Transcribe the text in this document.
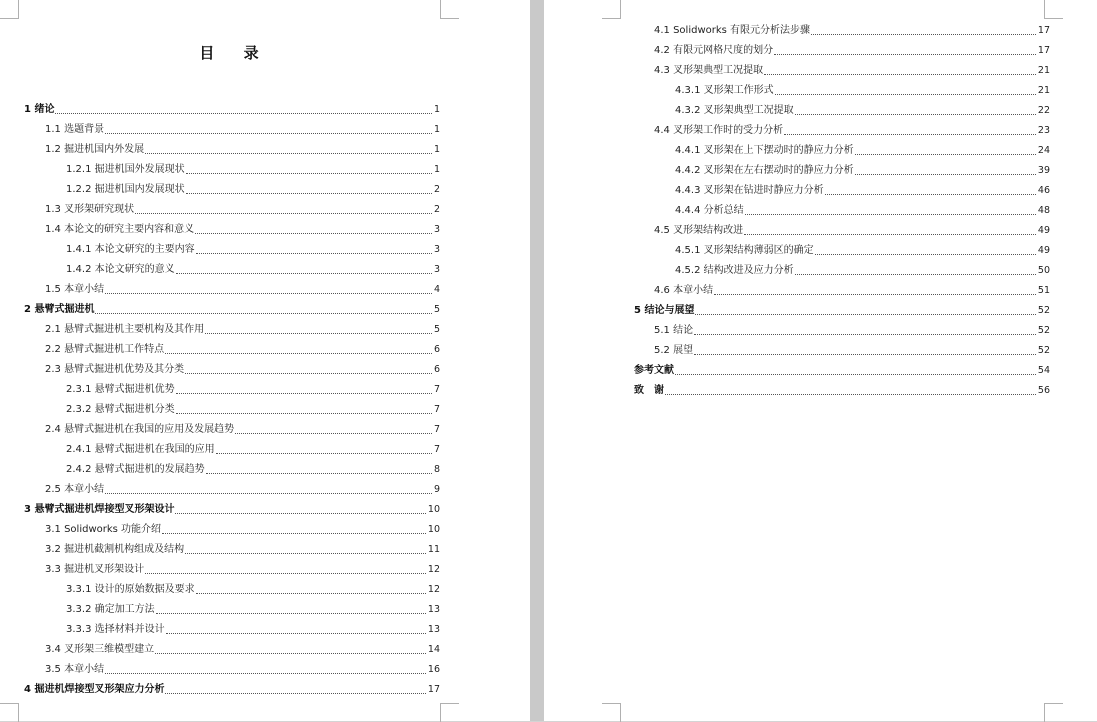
目 录
1 绪论	1
1.1 选题背景	1
1.2 掘进机国内外发展	1
1.2.1 掘进机国外发展现状	1
1.2.2 掘进机国内发展现状	2
1.3 叉形架研究现状	2
1.4 本论文的研究主要内容和意义	3
1.4.1 本论文研究的主要内容	3
1.4.2 本论文研究的意义	3
1.5 本章小结	4
2 悬臂式掘进机	5
2.1 悬臂式掘进机主要机构及其作用	5
2.2 悬臂式掘进机工作特点	6
2.3 悬臂式掘进机优势及其分类	6
2.3.1 悬臂式掘进机优势	7
2.3.2 悬臂式掘进机分类	7
2.4 悬臂式掘进机在我国的应用及发展趋势	7
2.4.1 悬臂式掘进机在我国的应用	7
2.4.2 悬臂式掘进机的发展趋势	8
2.5 本章小结	9
3 悬臂式掘进机焊接型叉形架设计	10
3.1 Solidworks 功能介绍	10
3.2 掘进机截割机构组成及结构	11
3.3 掘进机叉形架设计	12
3.3.1 设计的原始数据及要求	12
3.3.2 确定加工方法	13
3.3.3 选择材料并设计	13
3.4 叉形架三维模型建立	14
3.5 本章小结	16
4 掘进机焊接型叉形架应力分析	17
4.1 Solidworks 有限元分析法步骤	17
4.2 有限元网格尺度的划分	17
4.3 叉形架典型工况提取	21
4.3.1 叉形架工作形式	21
4.3.2 叉形架典型工况提取	22
4.4 叉形架工作时的受力分析	23
4.4.1 叉形架在上下摆动时的静应力分析	24
4.4.2 叉形架在左右摆动时的静应力分析	39
4.4.3 叉形架在钻进时静应力分析	46
4.4.4 分析总结	48
4.5 叉形架结构改进	49
4.5.1 叉形架结构薄弱区的确定	49
4.5.2 结构改进及应力分析	50
4.6 本章小结	51
5 结论与展望	52
5.1 结论	52
5.2 展望	52
参考文献	54
致　谢	56
